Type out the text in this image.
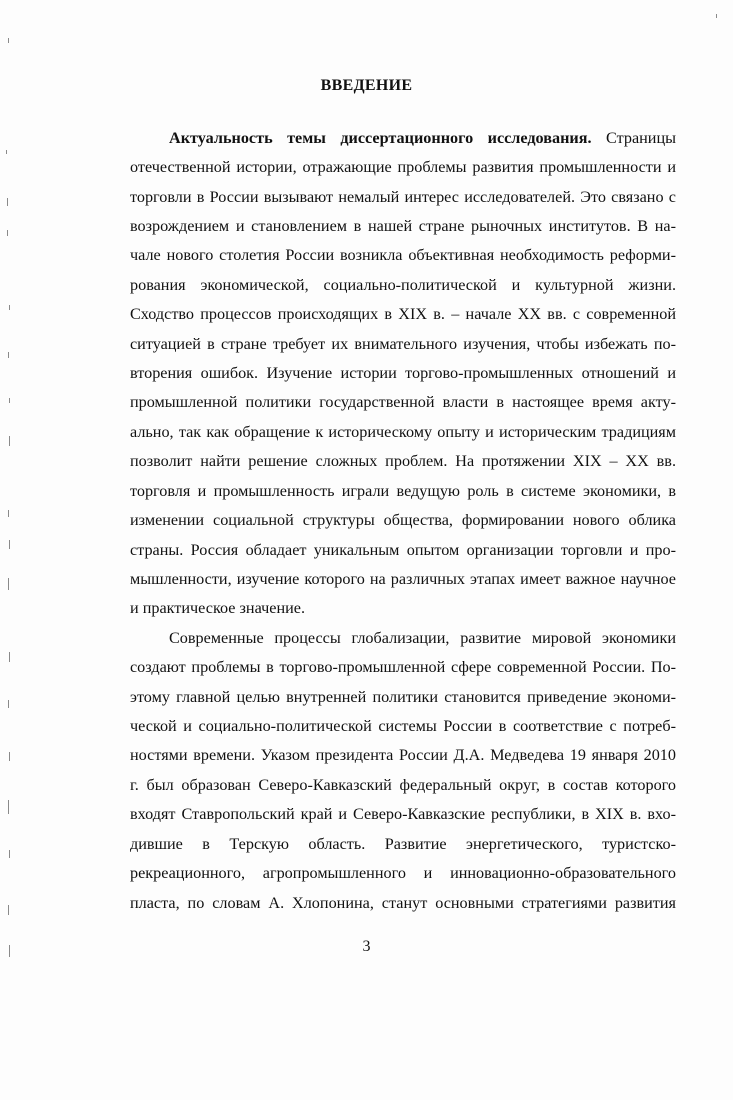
ВВЕДЕНИЕ
Актуальность темы диссертационного исследования. Страницы
отечественной истории, отражающие проблемы развития промышленности и
торговли в России вызывают немалый интерес исследователей. Это связано с
возрождением и становлением в нашей стране рыночных институтов. В на-
чале нового столетия России возникла объективная необходимость реформи-
рования экономической, социально-политической и культурной жизни.
Сходство процессов происходящих в XIX в. – начале XX вв. с современной
ситуацией в стране требует их внимательного изучения, чтобы избежать по-
вторения ошибок. Изучение истории торгово-промышленных отношений и
промышленной политики государственной власти в настоящее время акту-
ально, так как обращение к историческому опыту и историческим традициям
позволит найти решение сложных проблем. На протяжении XIX – XX вв.
торговля и промышленность играли ведущую роль в системе экономики, в
изменении социальной структуры общества, формировании нового облика
страны. Россия обладает уникальным опытом организации торговли и про-
мышленности, изучение которого на различных этапах имеет важное научное
и практическое значение.
Современные процессы глобализации, развитие мировой экономики
создают проблемы в торгово-промышленной сфере современной России. По-
этому главной целью внутренней политики становится приведение экономи-
ческой и социально-политической системы России в соответствие с потреб-
ностями времени. Указом президента России Д.А. Медведева 19 января 2010
г. был образован Северо-Кавказский федеральный округ, в состав которого
входят Ставропольский край и Северо-Кавказские республики, в XIX в. вхо-
дившие в Терскую область. Развитие энергетического, туристско-
рекреационного, агропромышленного и инновационно-образовательного
пласта, по словам А. Хлопонина, станут основными стратегиями развития
3
